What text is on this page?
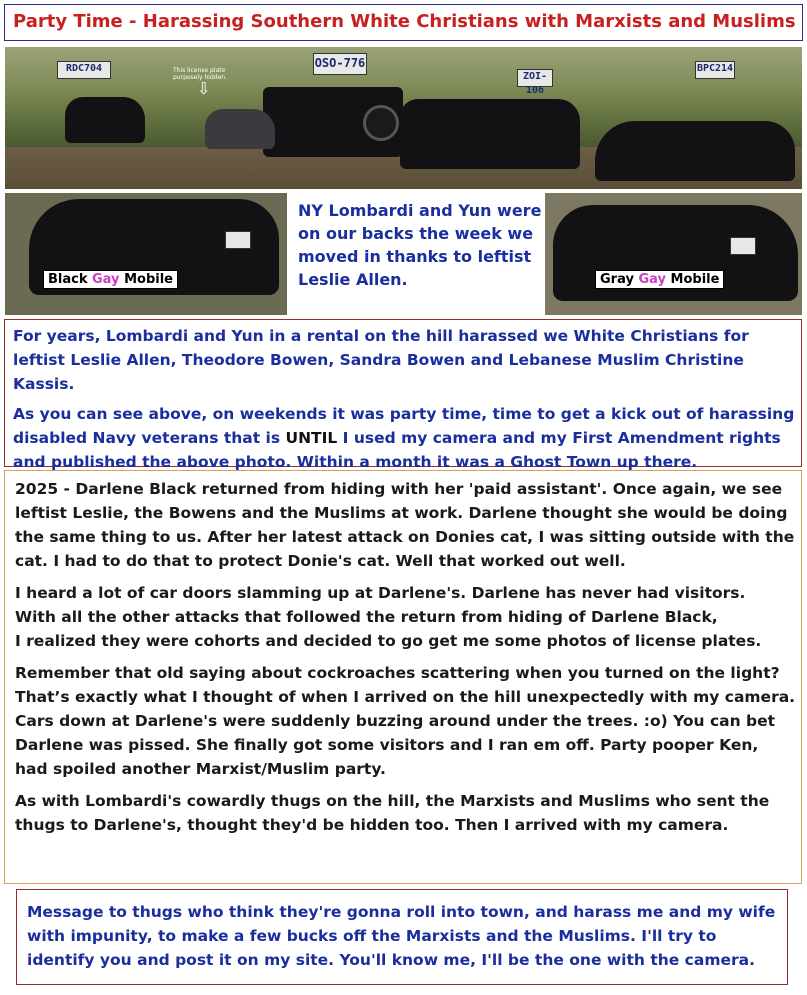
Party Time - Harassing Southern White Christians with Marxists and Muslims
RDC704	OSO-776
ZOI-106
BPC214
This license plate purposely hidden.
⇩
Black Gay Mobile
NY Lombardi and Yun were on our backs the week we moved in thanks to leftist Leslie Allen.	Gray Gay Mobile

For years, Lombardi and Yun in a rental on the hill harassed we White Christians for leftist Leslie Allen, Theodore Bowen, Sandra Bowen and Lebanese Muslim Christine Kassis.

As you can see above, on weekends it was party time, time to get a kick out of harassing disabled Navy veterans that is UNTIL I used my camera and my First Amendment rights and published the above photo. Within a month it was a Ghost Town up there.

2025 - Darlene Black returned from hiding with her 'paid assistant'. Once again, we see leftist Leslie, the Bowens and the Muslims at work. Darlene thought she would be doing the same thing to us. After her latest attack on Donies cat, I was sitting outside with the cat. I had to do that to protect Donie's cat. Well that worked out well.

I heard a lot of car doors slamming up at Darlene's. Darlene has never had visitors.
With all the other attacks that followed the return from hiding of Darlene Black,
I realized they were cohorts and decided to go get me some photos of license plates.

Remember that old saying about cockroaches scattering when you turned on the light?
That’s exactly what I thought of when I arrived on the hill unexpectedly with my camera.
Cars down at Darlene's were suddenly buzzing around under the trees. :o) You can bet
Darlene was pissed. She finally got some visitors and I ran em off. Party pooper Ken,
had spoiled another Marxist/Muslim party.

As with Lombardi's cowardly thugs on the hill, the Marxists and Muslims who sent the
thugs to Darlene's, thought they'd be hidden too. Then I arrived with my camera.

Message to thugs who think they're gonna roll into town, and harass me and my wife with impunity, to make a few bucks off the Marxists and the Muslims. I'll try to identify you and post it on my site. You'll know me, I'll be the one with the camera.
